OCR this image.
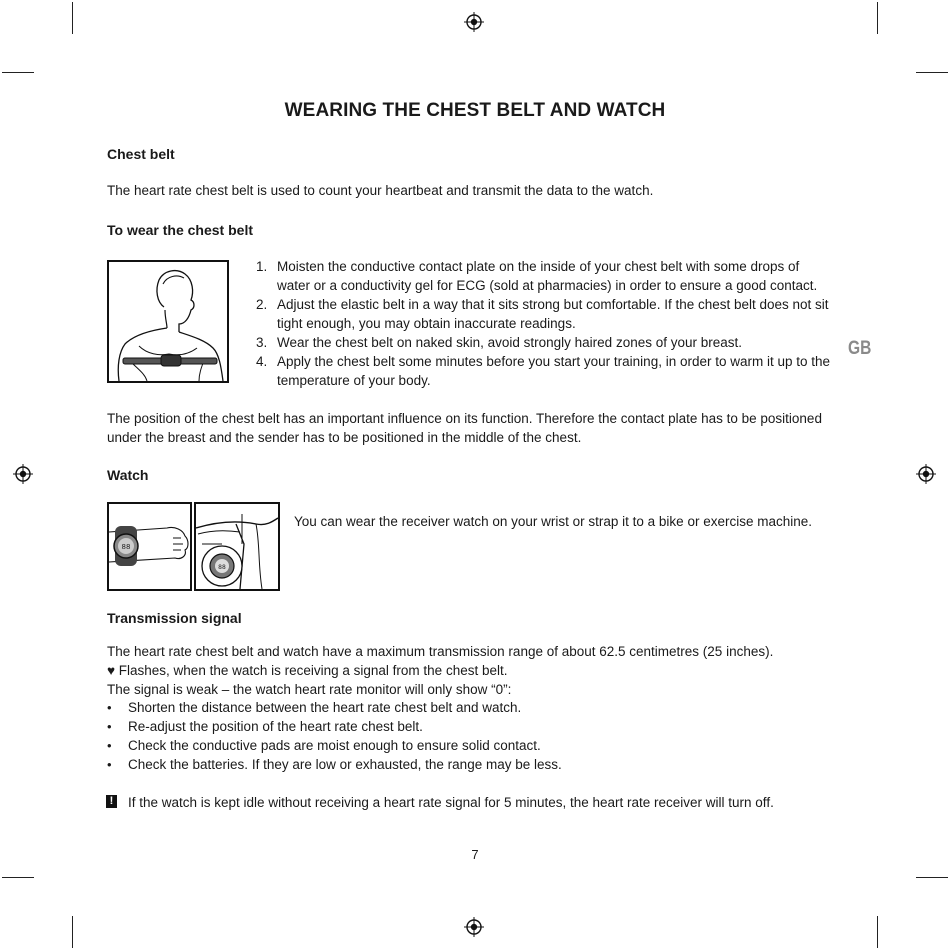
WEARING THE CHEST BELT AND WATCH
Chest belt
The heart rate chest belt is used to count your heartbeat and transmit the data to the watch.
To wear the chest belt
1. Moisten the conductive contact plate on the inside of your chest belt with some drops of
water or a conductivity gel for ECG (sold at pharmacies) in order to ensure a good contact.
2. Adjust the elastic belt in a way that it sits strong but comfortable. If the chest belt does not sit
tight enough, you may obtain inaccurate readings.
3. Wear the chest belt on naked skin, avoid strongly haired zones of your breast.
4. Apply the chest belt some minutes before you start your training, in order to warm it up to the
temperature of your body.
GB
The position of the chest belt has an important influence on its function. Therefore the contact plate has to be positioned
under the breast and the sender has to be positioned in the middle of the chest.
Watch
88
88
You can wear the receiver watch on your wrist or strap it to a bike or exercise machine.
Transmission signal
The heart rate chest belt and watch have a maximum transmission range of about 62.5 centimetres (25 inches).
♥ Flashes, when the watch is receiving a signal from the chest belt.
The signal is weak – the watch heart rate monitor will only show “0”:
• Shorten the distance between the heart rate chest belt and watch.
• Re-adjust the position of the heart rate chest belt.
• Check the conductive pads are moist enough to ensure solid contact.
• Check the batteries. If they are low or exhausted, the range may be less.
! If the watch is kept idle without receiving a heart rate signal for 5 minutes, the heart rate receiver will turn off.
7
